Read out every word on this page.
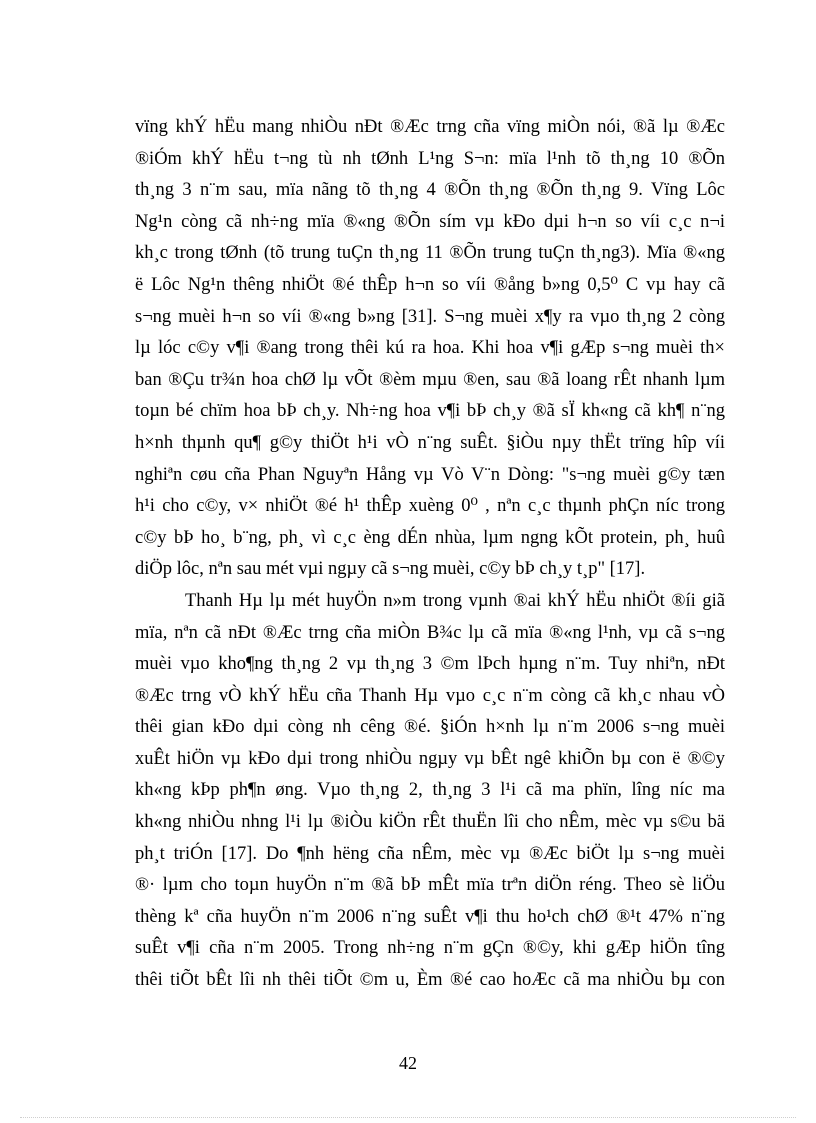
vïng khÝ hËu mang nhiÒu nÐt ®Æc trng cña vïng miÒn nói, ®ã lµ ®Æc
®iÓm khÝ hËu t¬ng tù nh tØnh L¹ng S¬n: mïa l¹nh tõ th¸ng 10 ®Õn
th¸ng 3 n¨m sau, mïa nãng tõ th¸ng 4 ®Õn th¸ng ®Õn th¸ng 9. Vïng Lôc
Ng¹n còng cã nh÷ng mïa ®«ng ®Õn sím vµ kÐo dµi h¬n so víi c¸c n¬i
kh¸c trong tØnh (tõ trung tuÇn th¸ng 11 ®Õn trung tuÇn th¸ng3). Mïa ®«ng
ë Lôc Ng¹n thêng nhiÖt ®é thÊp h¬n so víi ®ång b»ng 0,5⁰ C vµ hay cã
s¬ng muèi h¬n so víi ®«ng b»ng [31]. S¬ng muèi x¶y ra vµo th¸ng 2 còng
lµ lóc c©y v¶i ®ang trong thêi kú ra hoa. Khi hoa v¶i gÆp s¬ng muèi th×
ban ®Çu tr¾n hoa chØ lµ vÕt ®èm mµu ®en, sau ®ã loang rÊt nhanh lµm
toµn bé chïm hoa bÞ ch¸y. Nh÷ng hoa v¶i bÞ ch¸y ®ã sÏ kh«ng cã kh¶ n¨ng
h×nh thµnh qu¶ g©y thiÖt h¹i vÒ n¨ng suÊt. §iÒu nµy thËt trïng hîp víi
nghiªn cøu cña Phan Nguyªn Hång vµ Vò V¨n Dòng: "s¬ng muèi g©y tæn
h¹i cho c©y, v× nhiÖt ®é h¹ thÊp xuèng 0⁰ , nªn c¸c thµnh phÇn níc trong
c©y bÞ ho¸ b¨ng, ph¸ vì c¸c èng dÉn nhùa, lµm ngng kÕt protein, ph¸ huû
diÖp lôc, nªn sau mét vµi ngµy cã s¬ng muèi, c©y bÞ ch¸y t¸p" [17].
Thanh Hµ lµ mét huyÖn n»m trong vµnh ®ai khÝ hËu nhiÖt ®íi giã
mïa, nªn cã nÐt ®Æc trng cña miÒn B¾c lµ cã mïa ®«ng l¹nh, vµ cã s¬ng
muèi vµo kho¶ng th¸ng 2 vµ th¸ng 3 ©m lÞch hµng n¨m. Tuy nhiªn, nÐt
®Æc trng vÒ khÝ hËu cña Thanh Hµ vµo c¸c n¨m còng cã kh¸c nhau vÒ
thêi gian kÐo dµi còng nh cêng ®é. §iÓn h×nh lµ n¨m 2006 s¬ng muèi
xuÊt hiÖn vµ kÐo dµi trong nhiÒu ngµy vµ bÊt ngê khiÕn bµ con ë ®©y
kh«ng kÞp ph¶n øng. Vµo th¸ng 2, th¸ng 3 l¹i cã ma phïn, lîng níc ma
kh«ng nhiÒu nhng l¹i lµ ®iÒu kiÖn rÊt thuËn lîi cho nÊm, mèc vµ s©u bä
ph¸t triÓn [17]. Do ¶nh hëng cña nÊm, mèc vµ ®Æc biÖt lµ s¬ng muèi
®· lµm cho toµn huyÖn n¨m ®ã bÞ mÊt mïa trªn diÖn réng. Theo sè liÖu
thèng kª cña huyÖn n¨m 2006 n¨ng suÊt v¶i thu ho¹ch chØ ®¹t 47% n¨ng
suÊt v¶i cña n¨m 2005. Trong nh÷ng n¨m gÇn ®©y, khi gÆp hiÖn tîng
thêi tiÕt bÊt lîi nh thêi tiÕt ©m u, Èm ®é cao hoÆc cã ma nhiÒu bµ con
42
